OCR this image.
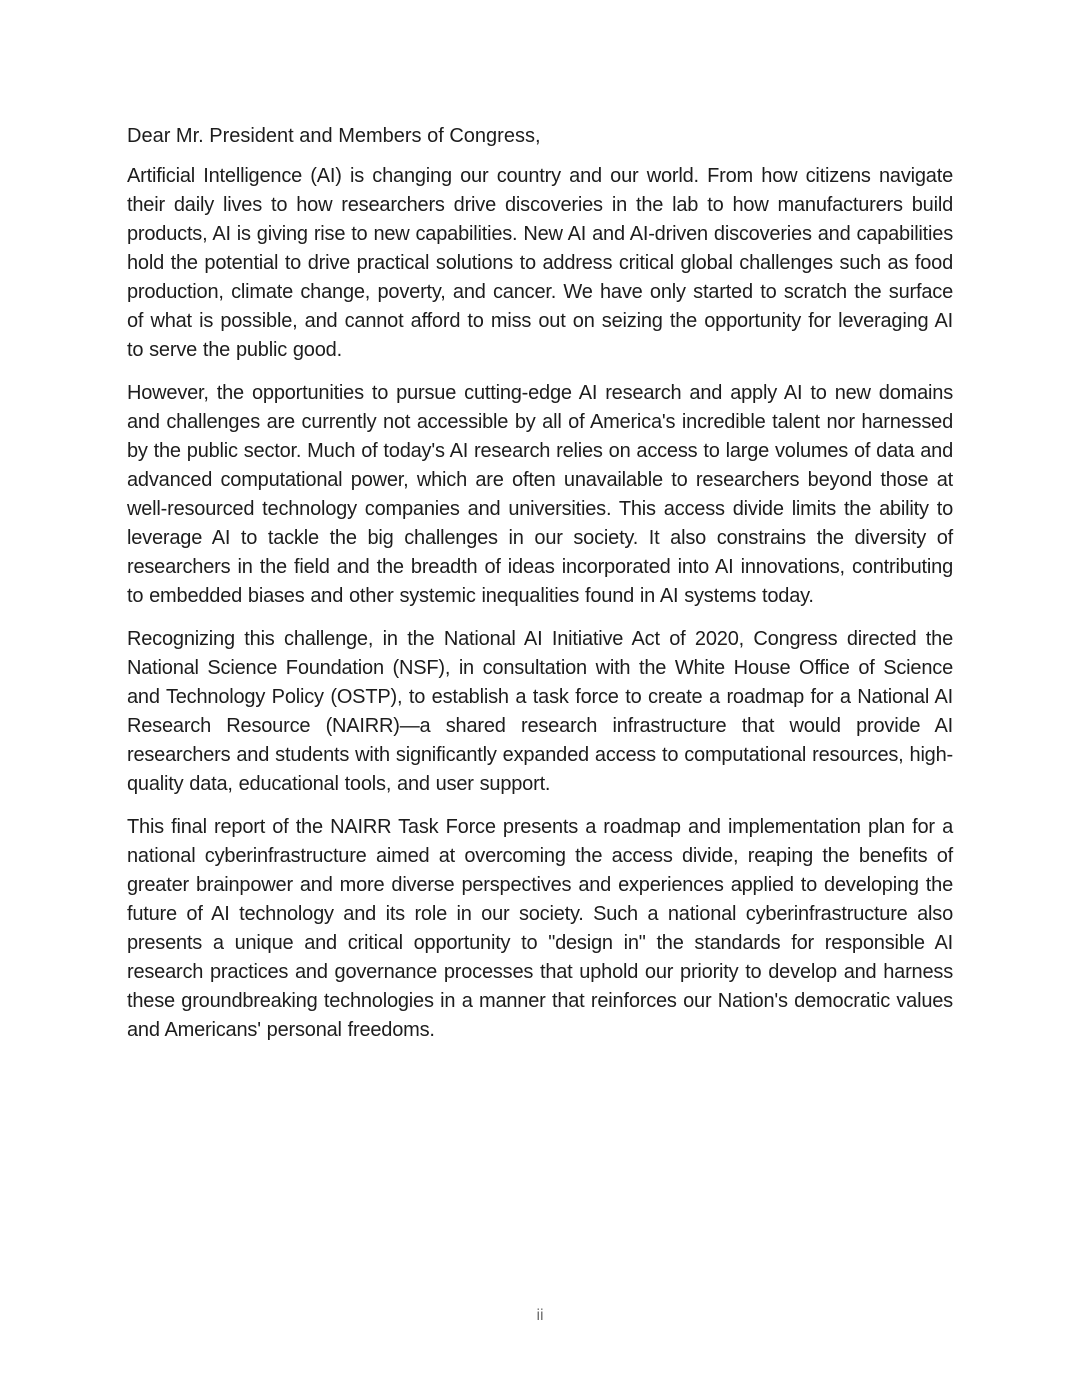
Dear Mr. President and Members of Congress,

Artificial Intelligence (AI) is changing our country and our world. From how citizens navigate their daily lives to how researchers drive discoveries in the lab to how manufacturers build products, AI is giving rise to new capabilities. New AI and AI-driven discoveries and capabilities hold the potential to drive practical solutions to address critical global challenges such as food production, climate change, poverty, and cancer. We have only started to scratch the surface of what is possible, and cannot afford to miss out on seizing the opportunity for leveraging AI to serve the public good.

However, the opportunities to pursue cutting-edge AI research and apply AI to new domains and challenges are currently not accessible by all of America's incredible talent nor harnessed by the public sector. Much of today's AI research relies on access to large volumes of data and advanced computational power, which are often unavailable to researchers beyond those at well-resourced technology companies and universities. This access divide limits the ability to leverage AI to tackle the big challenges in our society. It also constrains the diversity of researchers in the field and the breadth of ideas incorporated into AI innovations, contributing to embedded biases and other systemic inequalities found in AI systems today.

Recognizing this challenge, in the National AI Initiative Act of 2020, Congress directed the National Science Foundation (NSF), in consultation with the White House Office of Science and Technology Policy (OSTP), to establish a task force to create a roadmap for a National AI Research Resource (NAIRR)—a shared research infrastructure that would provide AI researchers and students with significantly expanded access to computational resources, high-quality data, educational tools, and user support.

This final report of the NAIRR Task Force presents a roadmap and implementation plan for a national cyberinfrastructure aimed at overcoming the access divide, reaping the benefits of greater brainpower and more diverse perspectives and experiences applied to developing the future of AI technology and its role in our society. Such a national cyberinfrastructure also presents a unique and critical opportunity to "design in" the standards for responsible AI research practices and governance processes that uphold our priority to develop and harness these groundbreaking technologies in a manner that reinforces our Nation's democratic values and Americans' personal freedoms.

ii
